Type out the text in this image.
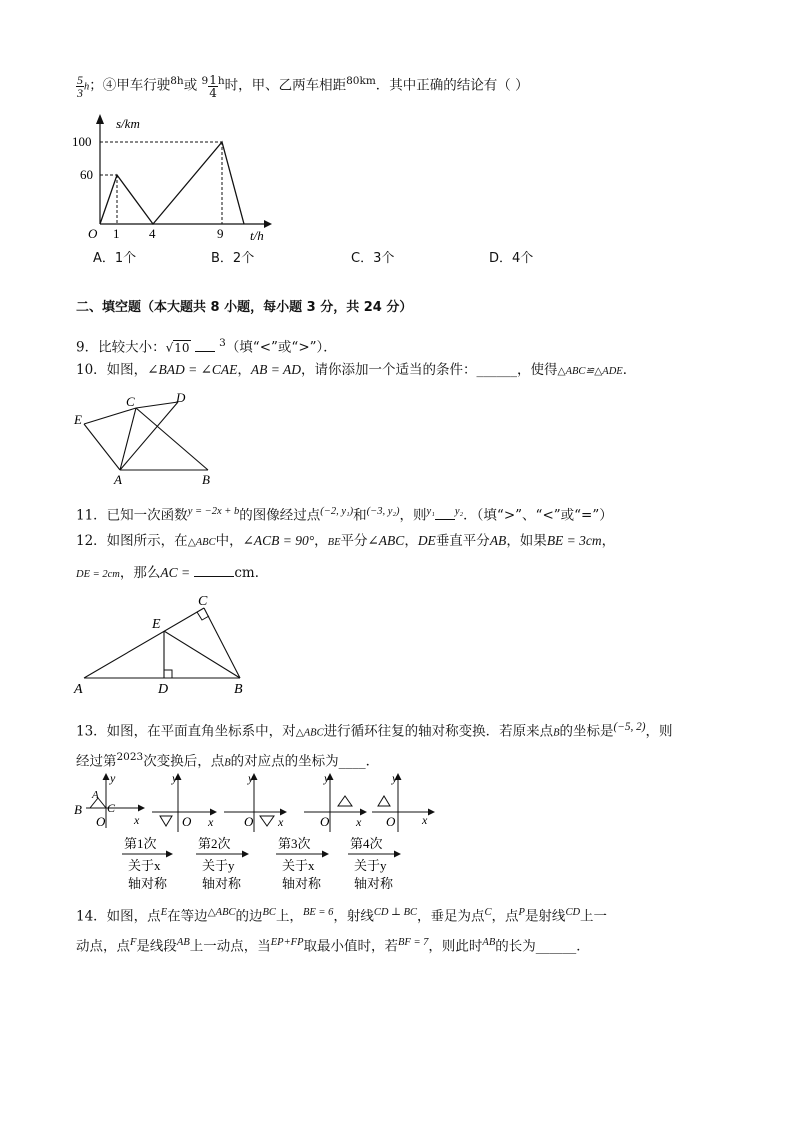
$\frac{5}{3}$ h；④甲车行驶$^{8h}$或 $^9 \frac{1}{4} ^h$时，甲、乙两车相距$^{80km}$．其中正确的结论有（ ）
s/km
100
60
O 1 4	9 t/h
A．1个	B．2个	C．3个	D．4个
二、填空题（本大题共 8 小题，每小题 3 分，共 24 分）
9．比较大小：√10	$^3$（填“<”或“>”）．
10．如图，∠BAD = ∠CAE，AB = AD，请你添加一个适当的条件：______，使得△ABC≌△ADE．
E
C	D
A	B
11．已知一次函数$^{y = -2x + b}$的图像经过点$^{(-2, y_1)}$和$^{(-3, y_2)}$，则$^{y_1}$ $^{y_2}$．（填“>”、“<”或“=”）
12．如图所示，在△ABC中，∠ACB = 90°，BE平分∠ABC，DE垂直平分AB，如果BE = 3cm，
DE = 2cm，那么AC =	cm．
C
E
A	D	B
13．如图，在平面直角坐标系中，对△ABC进行循环往复的轴对称变换．若原来点B的坐标是$^{(-5, 2)}$，则
经过第$^{2023}$次变换后，点B的对应点的坐标为____．
B
A
C
y
O x
y
O x
y
O x
y
O x
y
O x
第1次
关于x
轴对称
第2次
关于y
轴对称
第3次
关于x
轴对称
第4次
关于y
轴对称
14．如图，点$^E$在等边$^{\triangle ABC}$的边$^{BC}$上，$^{BE = 6}$，射线$^{CD \perp BC}$，垂足为点$^C$，点$^P$是射线$^{CD}$上一
动点，点$^F$是线段$^{AB}$上一动点，当$^{EP+FP}$取最小值时，若$^{BF = 7}$，则此时$^{AB}$的长为______．
